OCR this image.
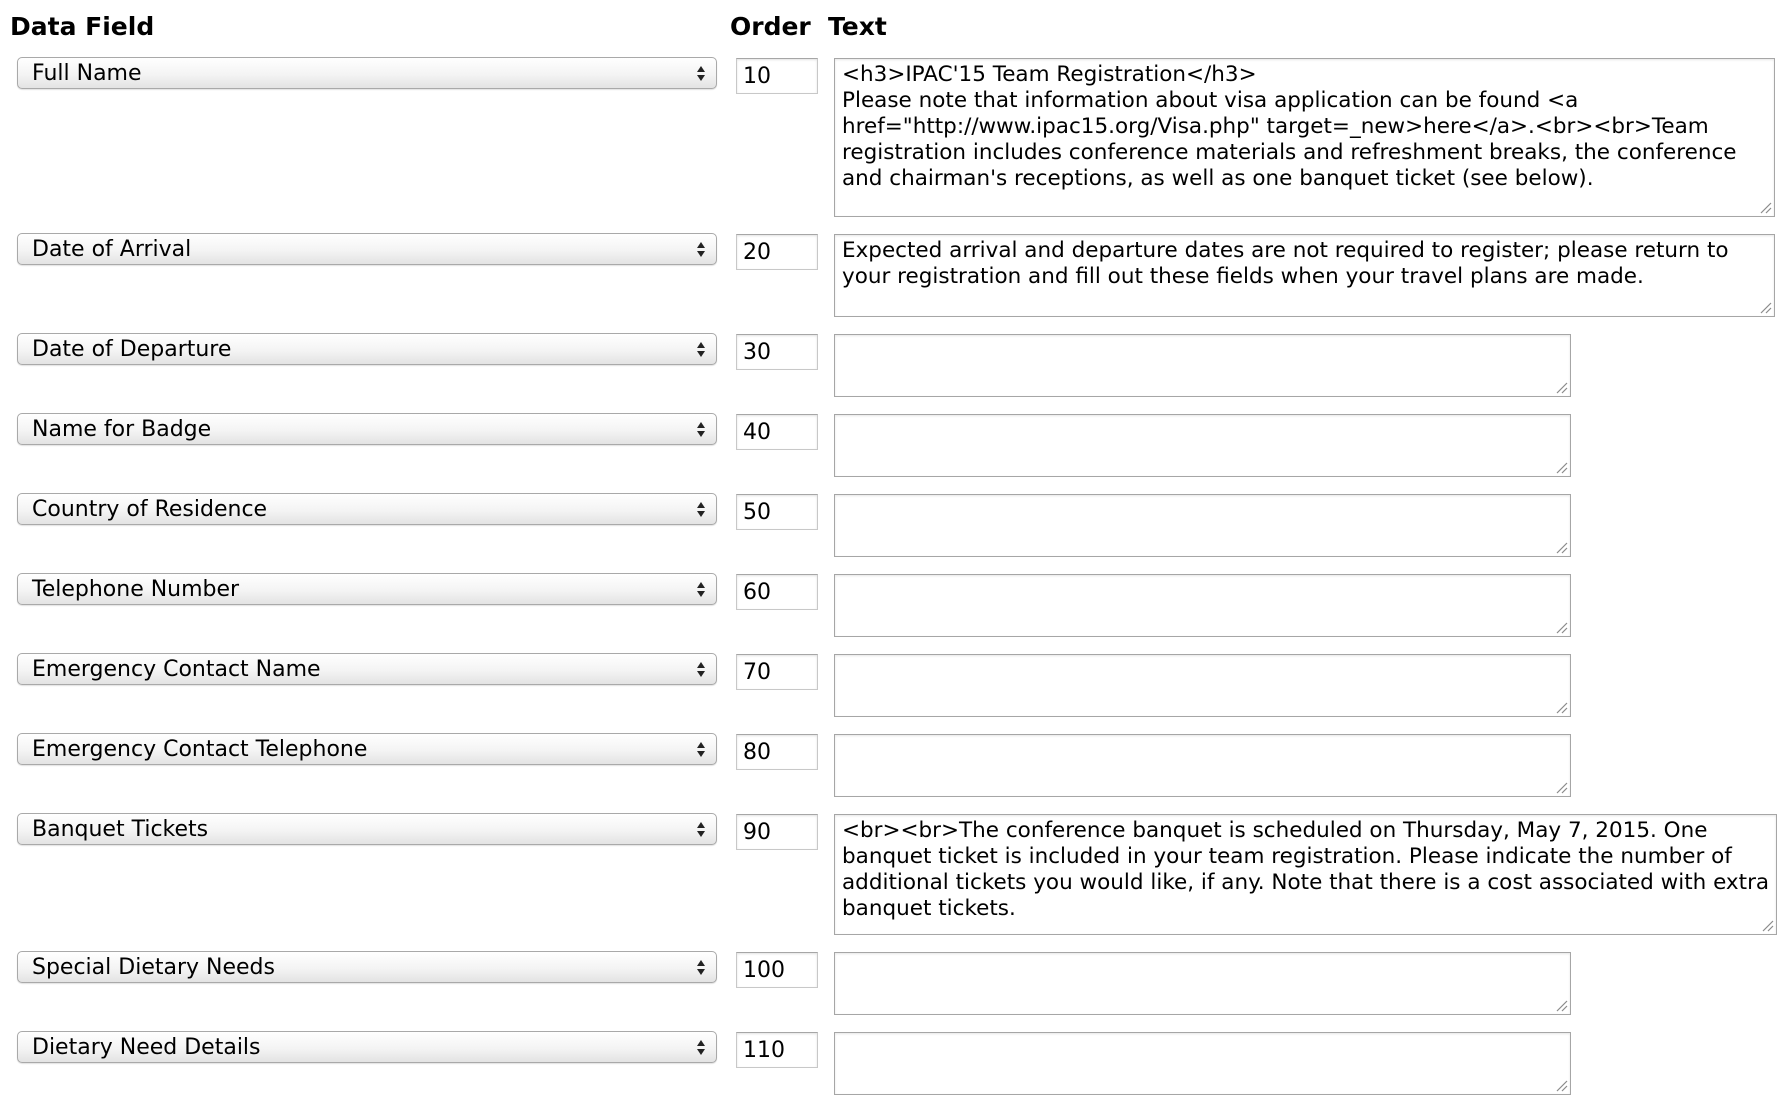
Data Field	Order Text
Full Name	10	<h3>IPAC'15 Team Registration</h3>
Please note that information about visa application can be found <a href="http://www.ipac15.org/Visa.php" target=_new>here</a>.<br><br>Team registration includes conference materials and refreshment breaks, the conference and chairman's receptions, as well as one banquet ticket (see below).
Date of Arrival	20	Expected arrival and departure dates are not required to register; please return to your registration and fill out these fields when your travel plans are made.
Date of Departure	30
Name for Badge	40
Country of Residence	50
Telephone Number	60
Emergency Contact Name	70
Emergency Contact Telephone	80
Banquet Tickets	90	<br><br>The conference banquet is scheduled on Thursday, May 7, 2015. One banquet ticket is included in your team registration. Please indicate the number of additional tickets you would like, if any. Note that there is a cost associated with extra banquet tickets.
Special Dietary Needs	100
Dietary Need Details	110
